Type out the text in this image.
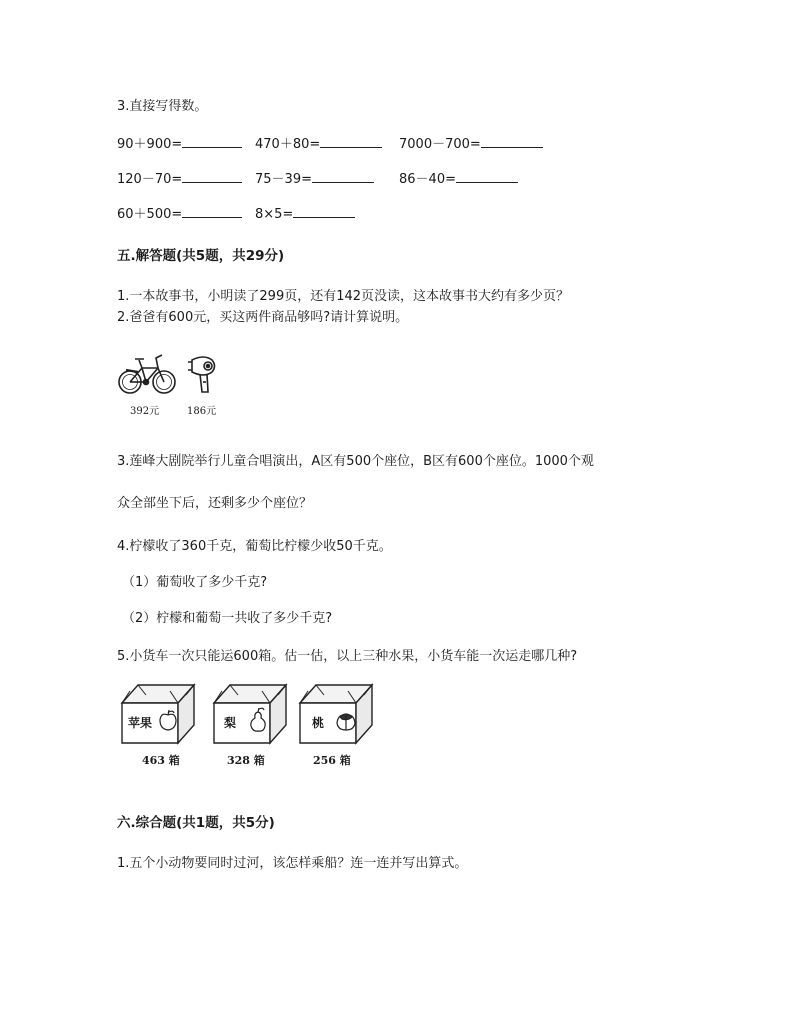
3.直接写得数。
90＋900=	470＋80=	7000－700=
120－70=	75－39=	86－40=
60＋500=	8×5=
五.解答题(共5题，共29分)
1.一本故事书，小明读了299页，还有142页没读，这本故事书大约有多少页？
2.爸爸有600元，买这两件商品够吗?请计算说明。
392元	186元
3.莲峰大剧院举行儿童合唱演出，A区有500个座位，B区有600个座位。1000个观
众全部坐下后，还剩多少个座位？
4.柠檬收了360千克，葡萄比柠檬少收50千克。
（1）葡萄收了多少千克?
（2）柠檬和葡萄一共收了多少千克?
5.小货车一次只能运600箱。估一估，以上三种水果，小货车能一次运走哪几种?
苹果
463 箱
梨
328 箱
桃
256 箱
六.综合题(共1题，共5分)
1.五个小动物要同时过河，该怎样乘船？连一连并写出算式。
